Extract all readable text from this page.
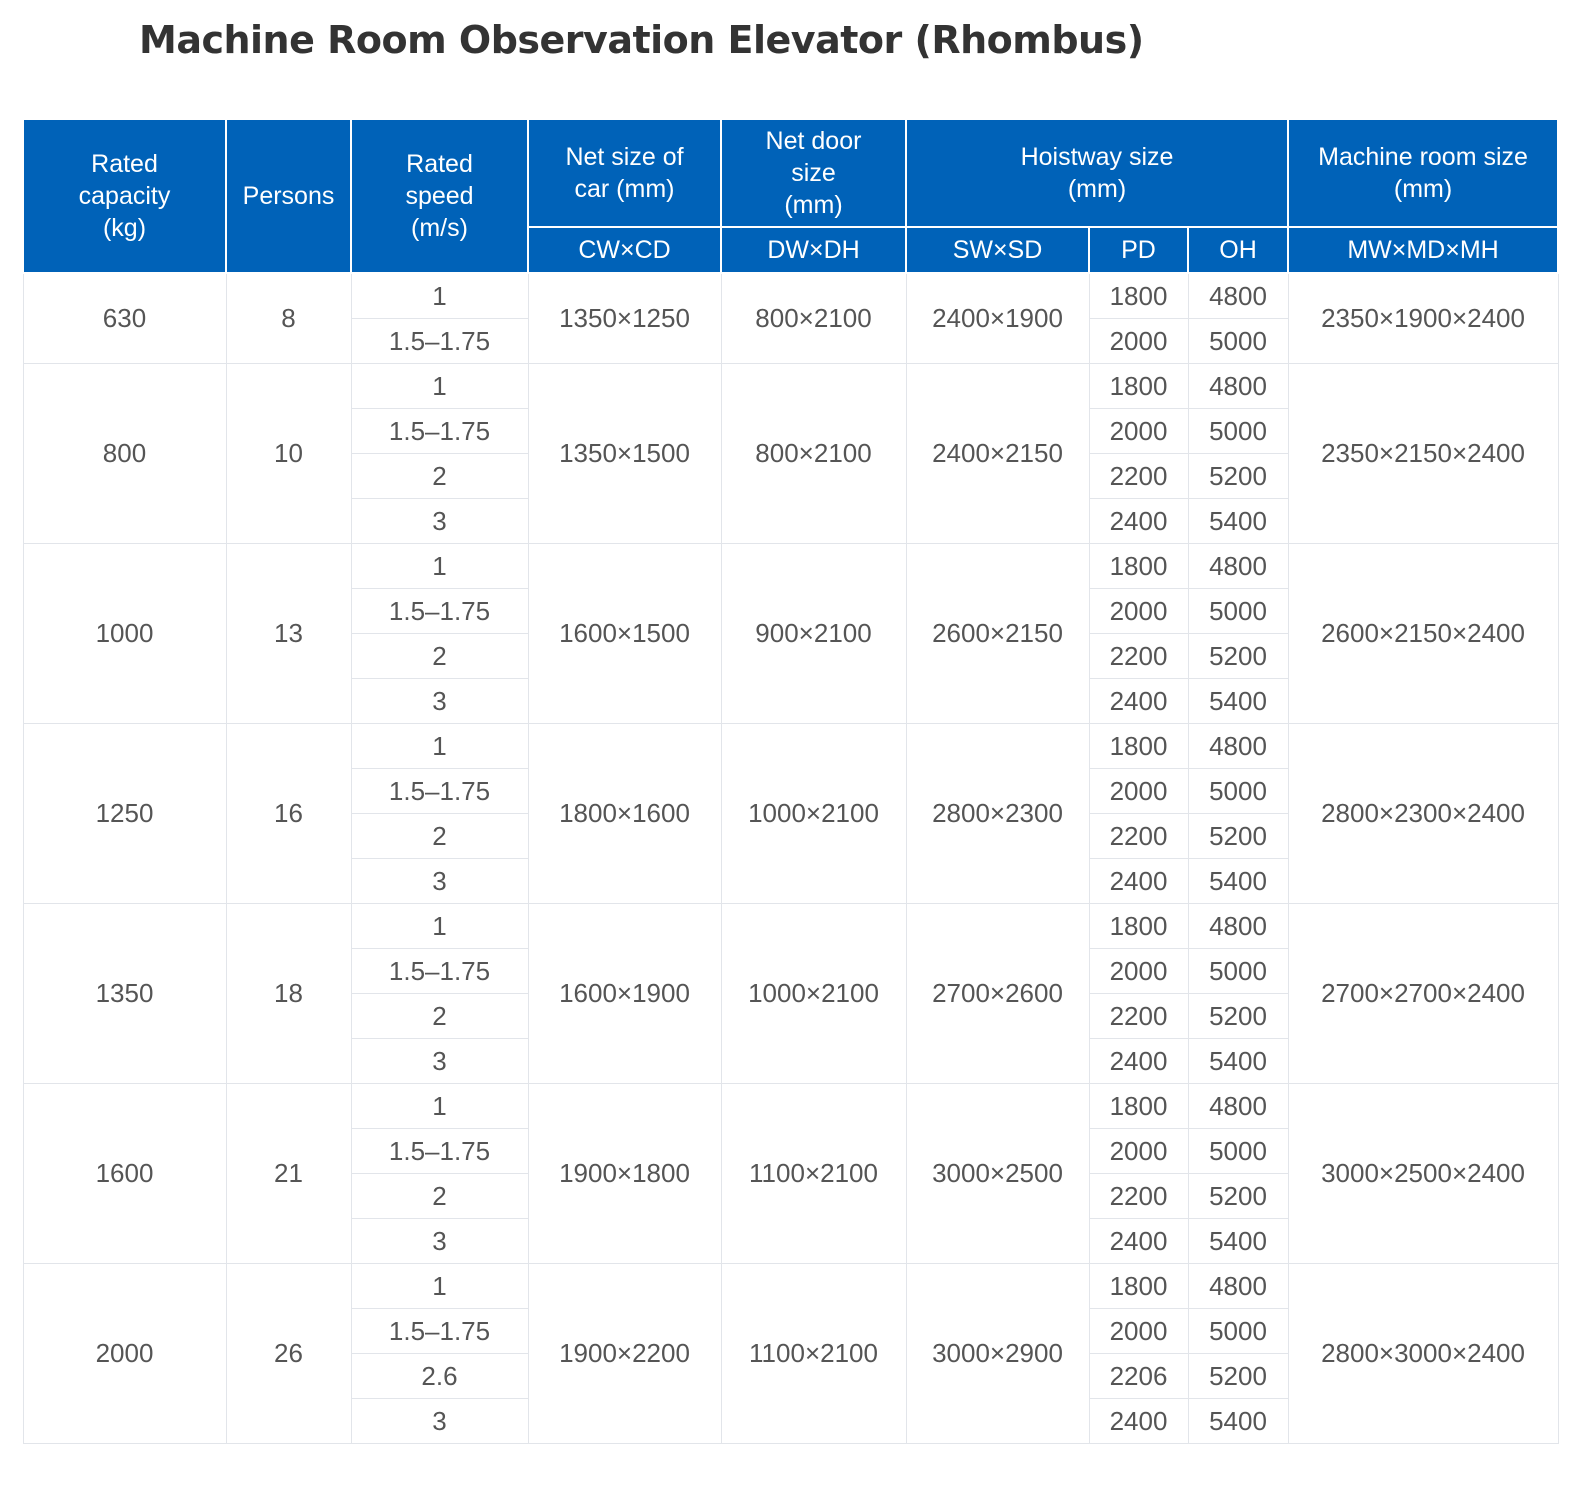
Machine Room Observation Elevator (Rhombus)
Rated capacity (kg)	Persons	Rated speed (m/s)	Net size of car (mm)	Net door size (mm)	Hoistway size (mm)			Machine room size (mm)
			CW×CD	DW×DH	SW×SD	PD	OH	MW×MD×MH
630	8	1	1350×1250	800×2100	2400×1900	1800	4800	2350×1900×2400
		1.5–1.75				2000	5000	
800	10	1	1350×1500	800×2100	2400×2150	1800	4800	2350×2150×2400
		1.5–1.75				2000	5000	
		2				2200	5200	
		3				2400	5400	
1000	13	1	1600×1500	900×2100	2600×2150	1800	4800	2600×2150×2400
		1.5–1.75				2000	5000	
		2				2200	5200	
		3				2400	5400	
1250	16	1	1800×1600	1000×2100	2800×2300	1800	4800	2800×2300×2400
		1.5–1.75				2000	5000	
		2				2200	5200	
		3				2400	5400	
1350	18	1	1600×1900	1000×2100	2700×2600	1800	4800	2700×2700×2400
		1.5–1.75				2000	5000	
		2				2200	5200	
		3				2400	5400	
1600	21	1	1900×1800	1100×2100	3000×2500	1800	4800	3000×2500×2400
		1.5–1.75				2000	5000	
		2				2200	5200	
		3				2400	5400	
2000	26	1	1900×2200	1100×2100	3000×2900	1800	4800	2800×3000×2400
		1.5–1.75				2000	5000	
		2.6				2206	5200	
		3				2400	5400	
